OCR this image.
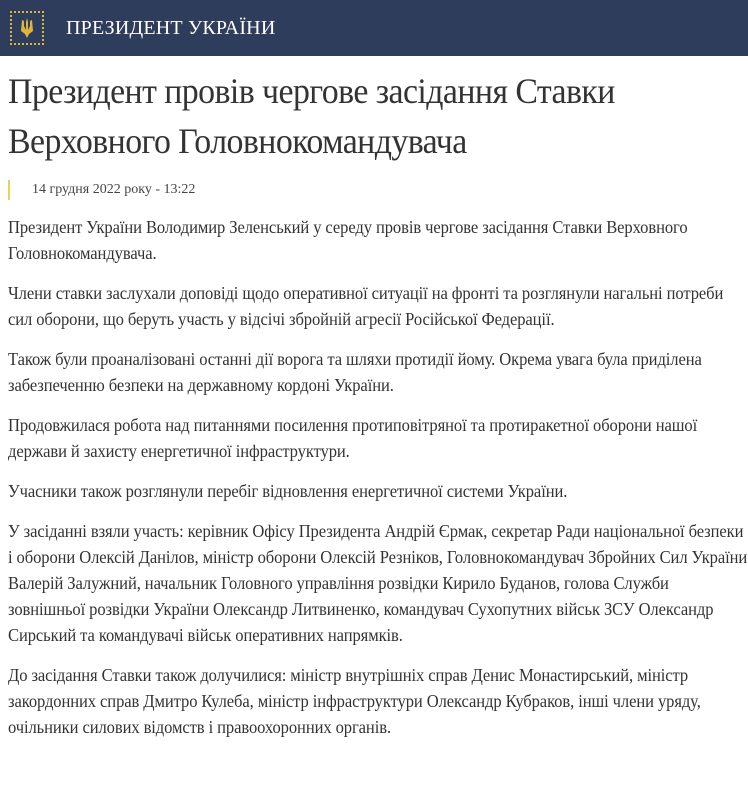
ПРЕЗИДЕНТ УКРАЇНИ
Президент провів чергове засідання Ставки Верховного Головнокомандувача
14 грудня 2022 року - 13:22

Президент України Володимир Зеленський у середу провів чергове засідання Ставки Верховного Головнокомандувача.

Члени ставки заслухали доповіді щодо оперативної ситуації на фронті та розглянули нагальні потреби сил оборони, що беруть участь у відсічі збройній агресії Російської Федерації.

Також були проаналізовані останні дії ворога та шляхи протидії йому. Окрема увага була приділена забезпеченню безпеки на державному кордоні України.

Продовжилася робота над питаннями посилення протиповітряної та протиракетної оборони нашої держави й захисту енергетичної інфраструктури.

Учасники також розглянули перебіг відновлення енергетичної системи України.

У засіданні взяли участь: керівник Офісу Президента Андрій Єрмак, секретар Ради національної безпеки і оборони Олексій Данілов, міністр оборони Олексій Резніков, Головнокомандувач Збройних Сил України Валерій Залужний, начальник Головного управління розвідки Кирило Буданов, голова Служби зовнішньої розвідки України Олександр Литвиненко, командувач Сухопутних військ ЗСУ Олександр Сирський та командувачі військ оперативних напрямків.

До засідання Ставки також долучилися: міністр внутрішніх справ Денис Монастирський, міністр закордонних справ Дмитро Кулеба, міністр інфраструктури Олександр Кубраков, інші члени уряду, очільники силових відомств і правоохоронних органів.
